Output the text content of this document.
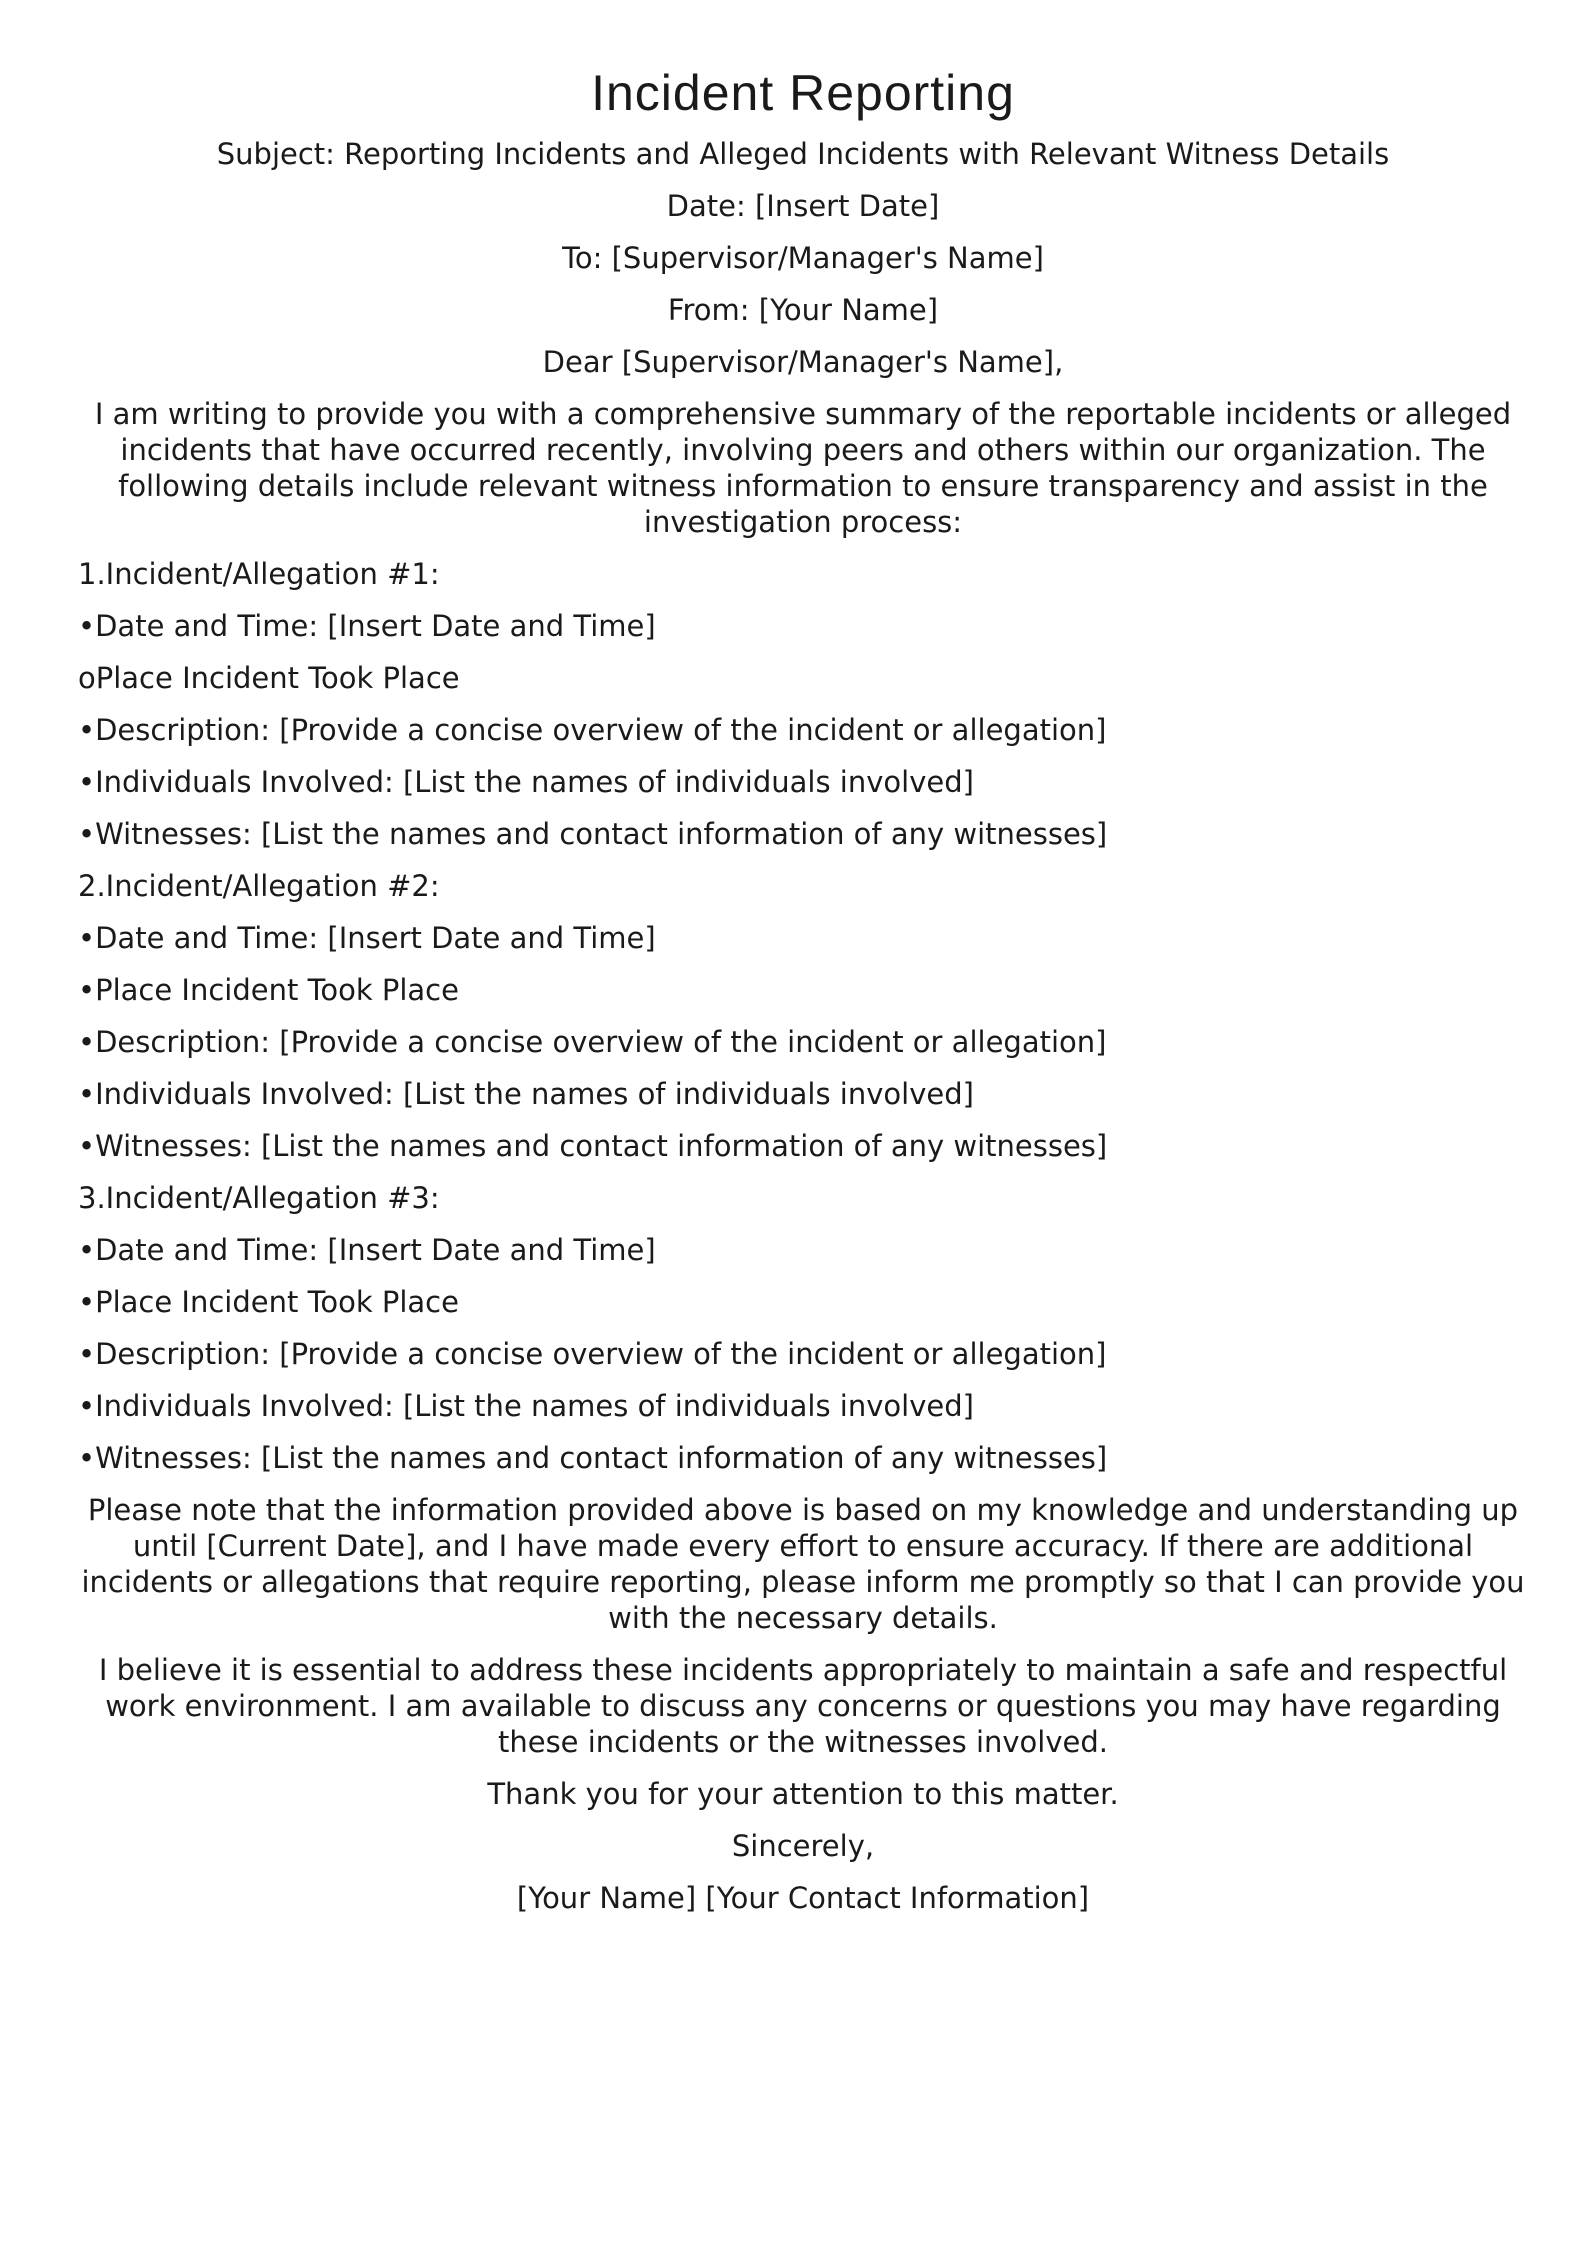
Incident Reporting
Subject: Reporting Incidents and Alleged Incidents with Relevant Witness Details
Date: [Insert Date]
To: [Supervisor/Manager's Name]
From: [Your Name]
Dear [Supervisor/Manager's Name],
I am writing to provide you with a comprehensive summary of the reportable incidents or alleged incidents that have occurred recently, involving peers and others within our organization. The following details include relevant witness information to ensure transparency and assist in the investigation process:
1.Incident/Allegation #1:
•Date and Time: [Insert Date and Time]
oPlace Incident Took Place
•Description: [Provide a concise overview of the incident or allegation]
•Individuals Involved: [List the names of individuals involved]
•Witnesses: [List the names and contact information of any witnesses]
2.Incident/Allegation #2:
•Date and Time: [Insert Date and Time]
•Place Incident Took Place
•Description: [Provide a concise overview of the incident or allegation]
•Individuals Involved: [List the names of individuals involved]
•Witnesses: [List the names and contact information of any witnesses]
3.Incident/Allegation #3:
•Date and Time: [Insert Date and Time]
•Place Incident Took Place
•Description: [Provide a concise overview of the incident or allegation]
•Individuals Involved: [List the names of individuals involved]
•Witnesses: [List the names and contact information of any witnesses]
Please note that the information provided above is based on my knowledge and understanding up until [Current Date], and I have made every effort to ensure accuracy. If there are additional incidents or allegations that require reporting, please inform me promptly so that I can provide you with the necessary details.
I believe it is essential to address these incidents appropriately to maintain a safe and respectful work environment. I am available to discuss any concerns or questions you may have regarding these incidents or the witnesses involved.
Thank you for your attention to this matter.
Sincerely,
[Your Name] [Your Contact Information]
